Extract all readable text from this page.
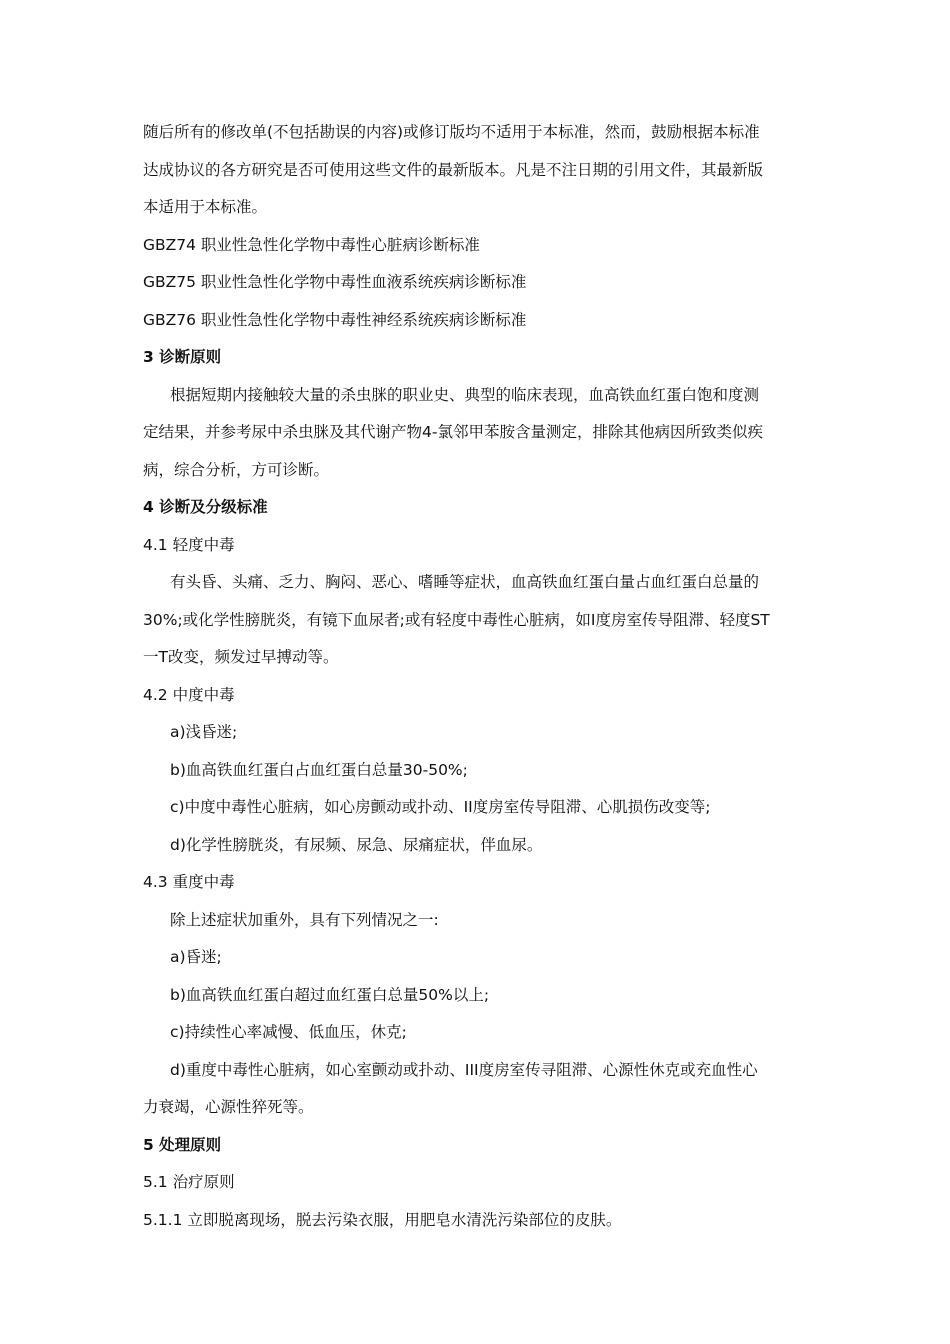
随后所有的修改单(不包括勘误的内容)或修订版均不适用于本标准，然而，鼓励根据本标准
达成协议的各方研究是否可使用这些文件的最新版本。凡是不注日期的引用文件，其最新版
本适用于本标准。
GBZ74 职业性急性化学物中毒性心脏病诊断标准
GBZ75 职业性急性化学物中毒性血液系统疾病诊断标准
GBZ76 职业性急性化学物中毒性神经系统疾病诊断标准
3 诊断原则
根据短期内接触较大量的杀虫脒的职业史、典型的临床表现，血高铁血红蛋白饱和度测
定结果，并参考尿中杀虫脒及其代谢产物4-氯邻甲苯胺含量测定，排除其他病因所致类似疾
病，综合分析，方可诊断。
4 诊断及分级标准
4.1 轻度中毒
有头昏、头痛、乏力、胸闷、恶心、嗜睡等症状，血高铁血红蛋白量占血红蛋白总量的
30%;或化学性膀胱炎，有镜下血尿者;或有轻度中毒性心脏病，如I度房室传导阻滞、轻度ST
一T改变，频发过早搏动等。
4.2 中度中毒
a)浅昏迷;
b)血高铁血红蛋白占血红蛋白总量30-50%;
c)中度中毒性心脏病，如心房颤动或扑动、II度房室传导阻滞、心肌损伤改变等;
d)化学性膀胱炎，有尿频、尿急、尿痛症状，伴血尿。
4.3 重度中毒
除上述症状加重外，具有下列情况之一:
a)昏迷;
b)血高铁血红蛋白超过血红蛋白总量50%以上;
c)持续性心率减慢、低血压，休克;
d)重度中毒性心脏病，如心室颤动或扑动、III度房室传寻阻滞、心源性休克或充血性心
力衰竭，心源性猝死等。
5 处理原则
5.1 治疗原则
5.1.1 立即脱离现场，脱去污染衣服，用肥皂水清洗污染部位的皮肤。
